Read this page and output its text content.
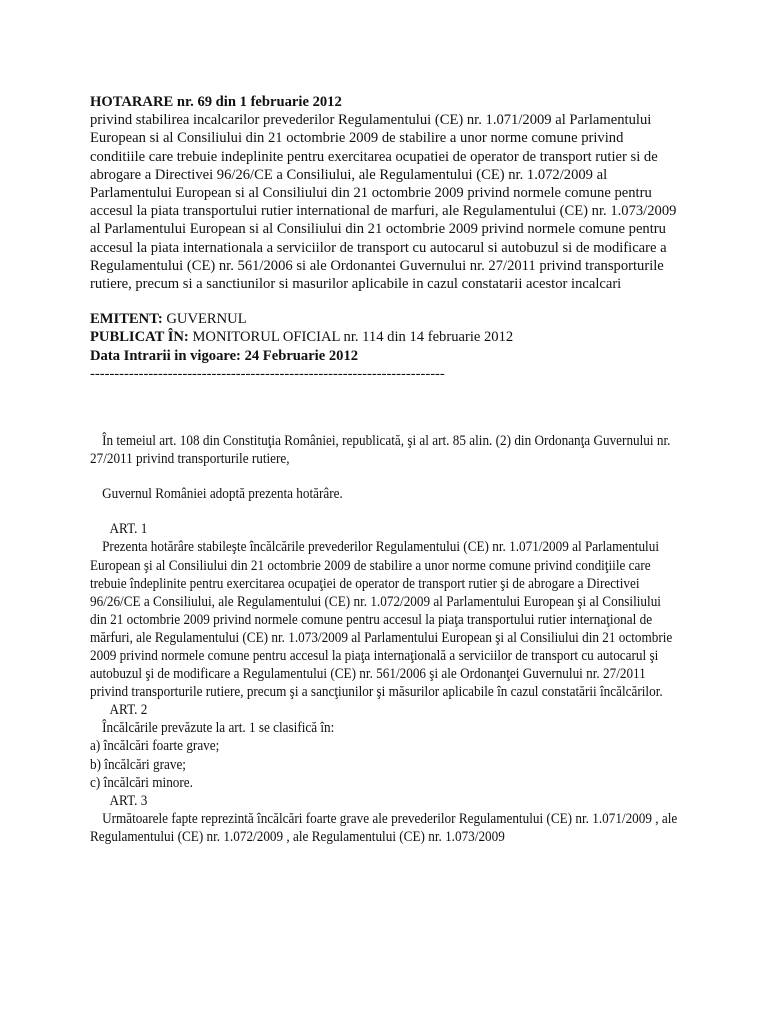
HOTARARE nr. 69 din 1 februarie 2012

privind stabilirea incalcarilor prevederilor Regulamentului (CE) nr. 1.071/2009 al Parlamentului European si al Consiliului din 21 octombrie 2009 de stabilire a unor norme comune privind conditiile care trebuie indeplinite pentru exercitarea ocupatiei de operator de transport rutier si de abrogare a Directivei 96/26/CE a Consiliului, ale Regulamentului (CE) nr. 1.072/2009 al Parlamentului European si al Consiliului din 21 octombrie 2009 privind normele comune pentru accesul la piata transportului rutier international de marfuri, ale Regulamentului (CE) nr. 1.073/2009 al Parlamentului European si al Consiliului din 21 octombrie 2009 privind normele comune pentru accesul la piata internationala a serviciilor de transport cu autocarul si autobuzul si de modificare a Regulamentului (CE) nr. 561/2006 si ale Ordonantei Guvernului nr. 27/2011 privind transporturile rutiere, precum si a sanctiunilor si masurilor aplicabile in cazul constatarii acestor incalcari

EMITENT: GUVERNUL

PUBLICAT ÎN: MONITORUL OFICIAL nr. 114 din 14 februarie 2012

Data Intrarii in vigoare: 24 Februarie 2012

-------------------------------------------------------------------------

În temeiul art. 108 din Constituţia României, republicată, şi al art. 85 alin. (2) din Ordonanţa Guvernului nr. 27/2011 privind transporturile rutiere,

Guvernul României adoptă prezenta hotărâre.

ART. 1

Prezenta hotărâre stabileşte încălcările prevederilor Regulamentului (CE) nr. 1.071/2009 al Parlamentului European şi al Consiliului din 21 octombrie 2009 de stabilire a unor norme comune privind condiţiile care trebuie îndeplinite pentru exercitarea ocupaţiei de operator de transport rutier şi de abrogare a Directivei 96/26/CE a Consiliului, ale Regulamentului (CE) nr. 1.072/2009 al Parlamentului European şi al Consiliului din 21 octombrie 2009 privind normele comune pentru accesul la piaţa transportului rutier internaţional de mărfuri, ale Regulamentului (CE) nr. 1.073/2009 al Parlamentului European şi al Consiliului din 21 octombrie 2009 privind normele comune pentru accesul la piaţa internaţională a serviciilor de transport cu autocarul şi autobuzul şi de modificare a Regulamentului (CE) nr. 561/2006 şi ale Ordonanţei Guvernului nr. 27/2011 privind transporturile rutiere, precum şi a sancţiunilor şi măsurilor aplicabile în cazul constatării încălcărilor.

ART. 2

Încălcările prevăzute la art. 1 se clasifică în:

a) încălcări foarte grave;

b) încălcări grave;

c) încălcări minore.

ART. 3

Următoarele fapte reprezintă încălcări foarte grave ale prevederilor Regulamentului (CE) nr. 1.071/2009 , ale Regulamentului (CE) nr. 1.072/2009 , ale Regulamentului (CE) nr. 1.073/2009
